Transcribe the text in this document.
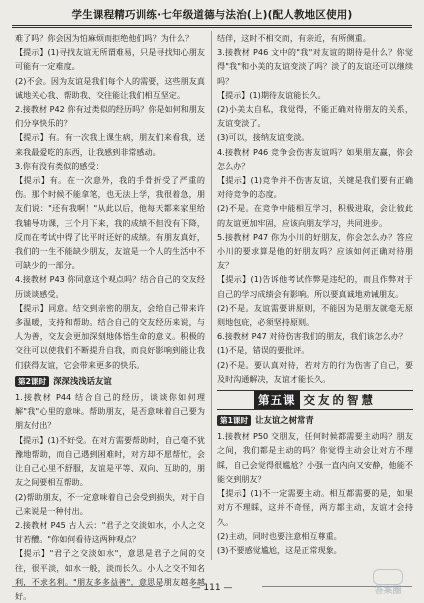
学生课程精巧训练·七年级道德与法治(上)(配人教地区使用)

难了吗？你会因为怕麻烦而拒绝他们吗？为什么？

【提示】(1)寻找友谊无所谓难易，只是寻找知心朋友可能有一定难度。

(2)不会。因为友谊是我们每个人的需要，这些朋友真诚地关心我、帮助我、交往能让我们相互坚定。

2.接教材 P42 你有过类似的经历吗？你是如何和朋友们分享快乐的？

【提示】有。有一次我上课生病，朋友们来看我，送来我最爱吃的东西，让我感到非常感动。

3.你有没有类似的感受：

【提示】有。在一次意外，我的手骨折受了严重的伤。那个时候不能拿笔，也无法上学，我很着急，朋友们说："还有我啊！"从此以后，他每天都来家里给我辅导功课，三个月下来，我的成绩不但没有下降，反而在考试中得了比平时还好的成绩。有朋友真好，我们的一生不能缺少朋友，友谊是一个人的生活中不可缺少的一部分。

4.接教材 P43 你同意这个观点吗？结合自己的交友经历谈谈感受。

【提示】同意。结交到亲密的朋友，会给自己带来许多温暖，支持和帮助。结合自己的交友经历来说，与人为善，交友会更加深刻地体悟生命的意义。积极的交往可以使我们不断提升自我，而良好影响到能让我们获得友谊，它会带来更多的快乐。

第2课时 深深浅浅话友谊

1.接教材 P44 结合自己的经历，谈谈你如何理解"我"心里的意味。帮助朋友，是否意味着自己要为朋友付出？

【提示】(1)不好受。在对方需要帮助时，自己毫不犹豫地帮助，而自己遇到困难时，对方却不愿帮忙，会让自己心里不舒服，友谊是平等、双向、互助的，朋友之间要相互帮助。

(2)帮助朋友，不一定意味着自己会受到损失，对于自己来说是一种付出。

2.接教材 P45 古人云："君子之交淡如水，小人之交甘若醴。"你如何看待这两种观点？

【提示】"君子之交淡如水"，意思是君子之间的交往，很平淡，如水一般，淡而长久。小人之交不知名利，不求名利。"朋友多多益善"，意思是朋友越多越好。

结伴，这时不相交而，有亲近，有所侧重。

3.接教材 P46 文中的"我"对友谊的期待是什么？你觉得"我"和小美的友谊变淡了吗？淡了的友谊还可以继续吗？

【提示】(1)期待友谊能长久。

(2)小美太自私，我觉得，不能正确对待朋友的关系，友谊变淡了。

(3)可以，接纳友谊变淡。

4.接教材 P46 竞争会伤害友谊吗？如果朋友赢，你会怎么办？

【提示】(1)竞争并不伤害友谊，关键是我们要有正确对待竞争的态度。

(2)不是。在竞争中能相互学习，积极进取，会让彼此的友谊更加牢固，应该向朋友学习，共同进步。

5.接教材 P47 你为小川的好朋友，你会怎么办？答应小川的要求算是他的好朋友吗？应该如何正确对待朋友？

【提示】(1)告诉他考试作弊是违纪的，而且作弊对于自己的学习成绩会有影响。所以要真诚地劝诫朋友。

(2)不是。友谊需要讲原则，不能因为是朋友就毫无原则地包庇，必须坚持原则。

6.接教材 P47 对待伤害我们的朋友，我们该怎么办？

(1)不是，错误的要批评。

(2)不是。要认真对待，若对方的行为伤害了自己，要及时沟通解决，友谊才能长久。

第五课 交友的智慧
第1课时 让友谊之树常青

1.接教材 P50 交朋友，任何时候都需要主动吗？朋友之间，我们都是主动的吗？你觉得主动会让对方不理睬，自己会觉得很尴尬？小强一直内向又安静，他能不能交到朋友？

【提示】(1)不一定需要主动。相互都需要的是，如果对方不理睬，这并不奇怪，两方都主动，友谊才会持久。

(2)主动，同时也要注意相互尊重。

(3)不要感觉尴尬，这是正常现象。

— 111 —	答案圈
